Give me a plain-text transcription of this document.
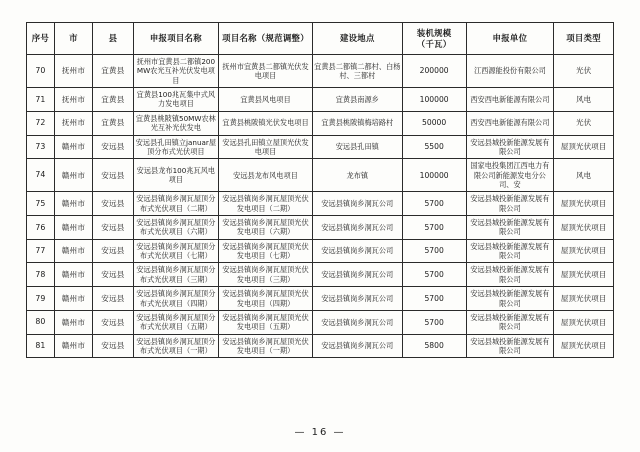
序号	市	县	申报项目名称	项目名称（规范调整）	建设地点	装机规模
（千瓦）	申报单位	项目类型
70	抚州市	宜黄县	抚州市宜黄县二都镇200MW农光互补光伏发电项目	抚州市宜黄县二都镇光伏发电项目	宜黄县二都镇二都村、白杨村、三都村	200000	江西源能投份有限公司	光伏
71	抚州市	宜黄县	宜黄县100兆瓦集中式风力发电项目	宜黄县风电项目	宜黄县南源乡	100000	西安西电新能源有限公司	风电
72	抚州市	宜黄县	宜黄县桃陂镇50MW农林光互补光伏发电	宜黄县桃陂镇光伏发电项目	宜黄县桃陂镇梅培路村	50000	西安西电新能源有限公司	光伏
73	赣州市	安远县	安远县孔田镇立januar屋顶分布式光伏项目	安远县孔田镇立屋顶光伏发电项目	安远县孔田镇	5500	安远县城投新能源发展有限公司	屋顶光伏项目
74	赣州市	安远县	安远县龙布100兆瓦风电项目	安远县龙布风电项目	龙布镇	100000	国家电投集团江西电力有限公司新能源发电分公司、安	风电
75	赣州市	安远县	安远县镇岗乡洞瓦屋顶分布式光伏项目（二期）	安远县镇岗乡洞瓦屋顶光伏发电项目（二期）	安远县镇岗乡洞瓦公司	5700	安远县城投新能源发展有限公司	屋顶光伏项目
76	赣州市	安远县	安远县镇岗乡洞瓦屋顶分布式光伏项目（六期）	安远县镇岗乡洞瓦屋顶光伏发电项目（六期）	安远县镇岗乡洞瓦公司	5700	安远县城投新能源发展有限公司	屋顶光伏项目
77	赣州市	安远县	安远县镇岗乡洞瓦屋顶分布式光伏项目（七期）	安远县镇岗乡洞瓦屋顶光伏发电项目（七期）	安远县镇岗乡洞瓦公司	5700	安远县城投新能源发展有限公司	屋顶光伏项目
78	赣州市	安远县	安远县镇岗乡洞瓦屋顶分布式光伏项目（三期）	安远县镇岗乡洞瓦屋顶光伏发电项目（三期）	安远县镇岗乡洞瓦公司	5700	安远县城投新能源发展有限公司	屋顶光伏项目
79	赣州市	安远县	安远县镇岗乡洞瓦屋顶分布式光伏项目（四期）	安远县镇岗乡洞瓦屋顶光伏发电项目（四期）	安远县镇岗乡洞瓦公司	5700	安远县城投新能源发展有限公司	屋顶光伏项目
80	赣州市	安远县	安远县镇岗乡洞瓦屋顶分布式光伏项目（五期）	安远县镇岗乡洞瓦屋顶光伏发电项目（五期）	安远县镇岗乡洞瓦公司	5700	安远县城投新能源发展有限公司	屋顶光伏项目
81	赣州市	安远县	安远县镇岗乡洞瓦屋顶分布式光伏项目（一期）	安远县镇岗乡洞瓦屋顶光伏发电项目（一期）	安远县镇岗乡洞瓦公司	5800	安远县城投新能源发展有限公司	屋顶光伏项目
— 16 —
